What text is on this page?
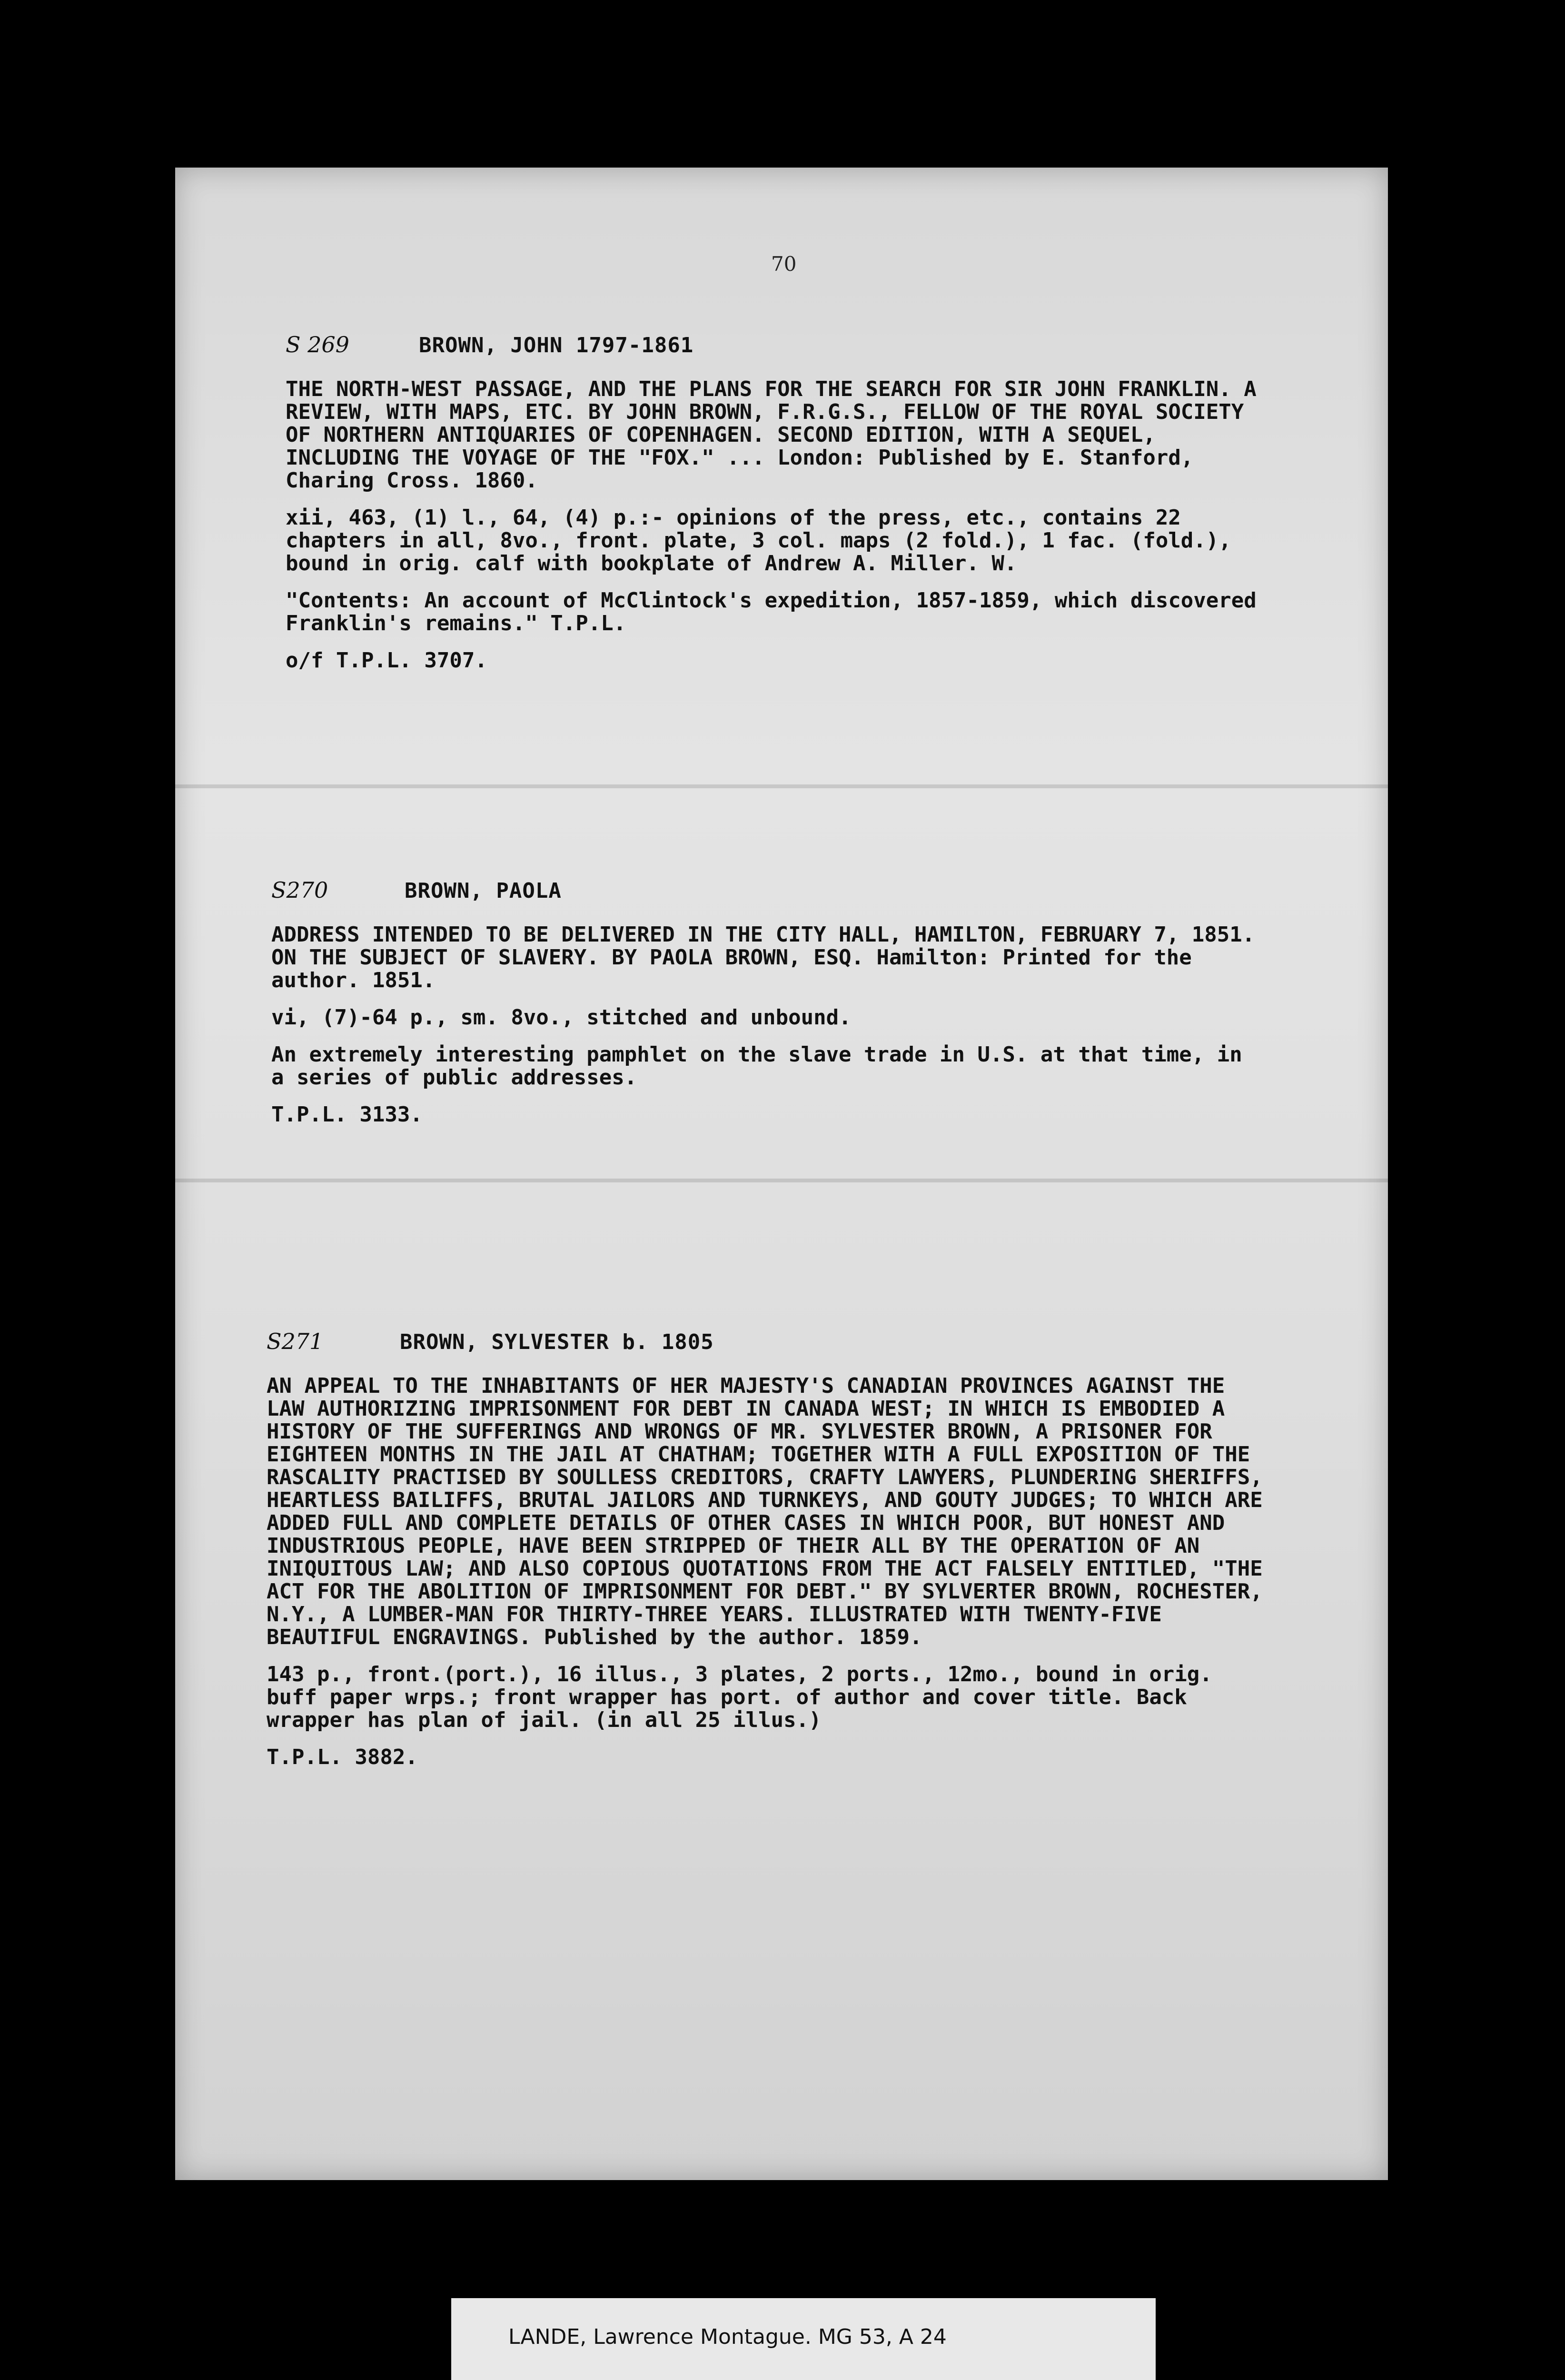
70
S 269	BROWN, JOHN 1797-1861

THE NORTH-WEST PASSAGE, AND THE PLANS FOR THE SEARCH FOR SIR JOHN FRANKLIN. A REVIEW, WITH MAPS, ETC. BY JOHN BROWN, F.R.G.S., FELLOW OF THE ROYAL SOCIETY OF NORTHERN ANTIQUARIES OF COPENHAGEN. SECOND EDITION, WITH A SEQUEL, INCLUDING THE VOYAGE OF THE "FOX." ... London: Published by E. Stanford, Charing Cross. 1860.

xii, 463, (1) l., 64, (4) p.:- opinions of the press, etc., contains 22 chapters in all, 8vo., front. plate, 3 col. maps (2 fold.), 1 fac. (fold.), bound in orig. calf with bookplate of Andrew A. Miller. W.

"Contents: An account of McClintock's expedition, 1857-1859, which discovered Franklin's remains." T.P.L.

o/f T.P.L. 3707.

S270	BROWN, PAOLA

ADDRESS INTENDED TO BE DELIVERED IN THE CITY HALL, HAMILTON, FEBRUARY 7, 1851. ON THE SUBJECT OF SLAVERY. BY PAOLA BROWN, ESQ. Hamilton: Printed for the author. 1851.

vi, (7)-64 p., sm. 8vo., stitched and unbound.

An extremely interesting pamphlet on the slave trade in U.S. at that time, in a series of public addresses.

T.P.L. 3133.

S271	BROWN, SYLVESTER b. 1805

AN APPEAL TO THE INHABITANTS OF HER MAJESTY'S CANADIAN PROVINCES AGAINST THE LAW AUTHORIZING IMPRISONMENT FOR DEBT IN CANADA WEST; IN WHICH IS EMBODIED A HISTORY OF THE SUFFERINGS AND WRONGS OF MR. SYLVESTER BROWN, A PRISONER FOR EIGHTEEN MONTHS IN THE JAIL AT CHATHAM; TOGETHER WITH A FULL EXPOSITION OF THE RASCALITY PRACTISED BY SOULLESS CREDITORS, CRAFTY LAWYERS, PLUNDERING SHERIFFS, HEARTLESS BAILIFFS, BRUTAL JAILORS AND TURNKEYS, AND GOUTY JUDGES; TO WHICH ARE ADDED FULL AND COMPLETE DETAILS OF OTHER CASES IN WHICH POOR, BUT HONEST AND INDUSTRIOUS PEOPLE, HAVE BEEN STRIPPED OF THEIR ALL BY THE OPERATION OF AN INIQUITOUS LAW; AND ALSO COPIOUS QUOTATIONS FROM THE ACT FALSELY ENTITLED, "THE ACT FOR THE ABOLITION OF IMPRISONMENT FOR DEBT." BY SYLVERTER BROWN, ROCHESTER, N.Y., A LUMBER-MAN FOR THIRTY-THREE YEARS. ILLUSTRATED WITH TWENTY-FIVE BEAUTIFUL ENGRAVINGS. Published by the author. 1859.

143 p., front.(port.), 16 illus., 3 plates, 2 ports., 12mo., bound in orig. buff paper wrps.; front wrapper has port. of author and cover title. Back wrapper has plan of jail. (in all 25 illus.)

T.P.L. 3882.

LANDE, Lawrence Montague. MG 53, A 24
